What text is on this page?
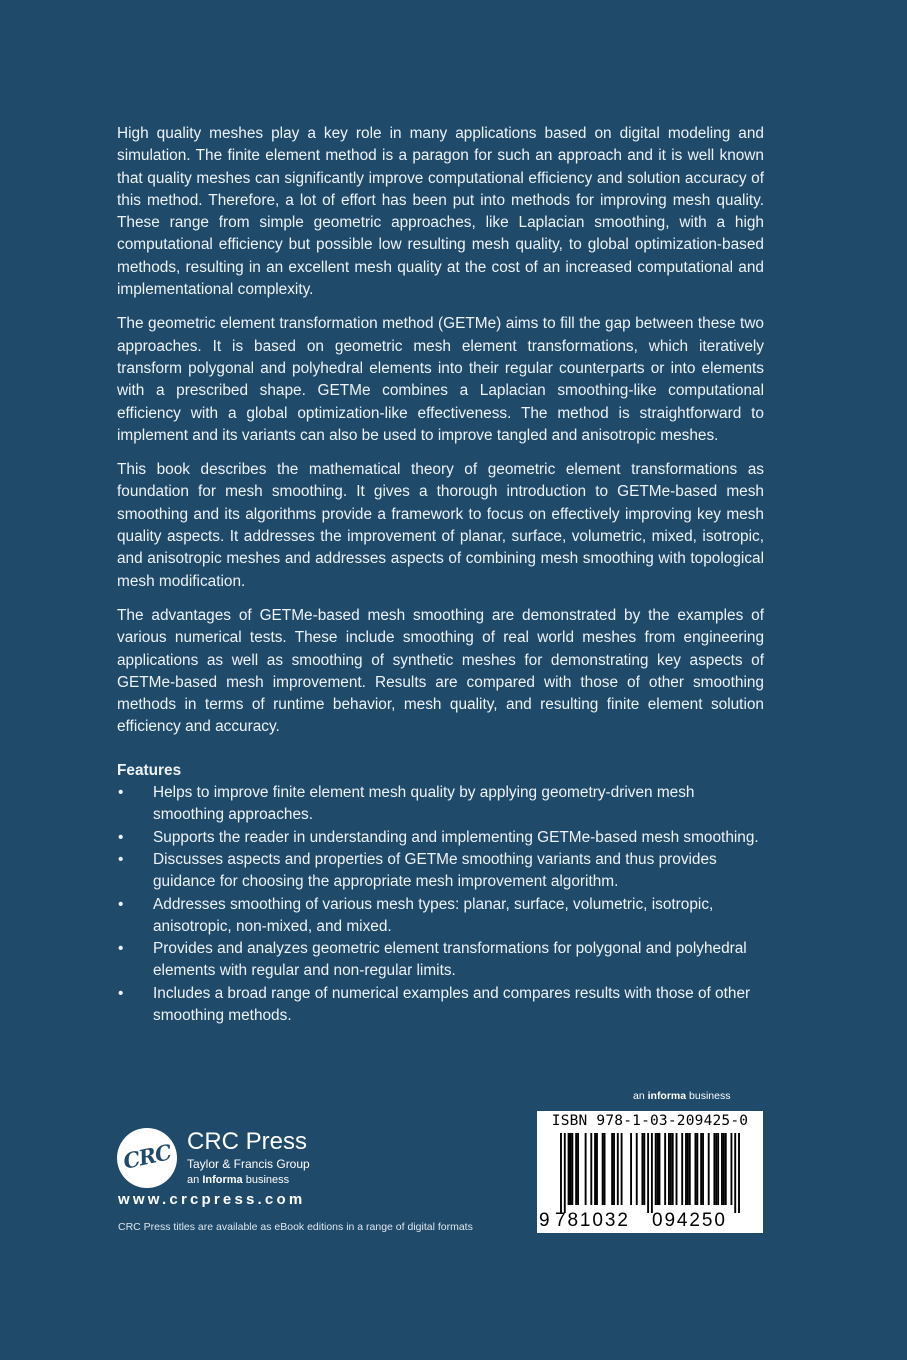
High quality meshes play a key role in many applications based on digital modeling and simulation. The finite element method is a paragon for such an approach and it is well known that quality meshes can significantly improve computational efficiency and solution accuracy of this method. Therefore, a lot of effort has been put into methods for improving mesh quality. These range from simple geometric approaches, like Laplacian smoothing, with a high computational efficiency but possible low resulting mesh quality, to global optimization-based methods, resulting in an excellent mesh quality at the cost of an increased computational and implementational complexity.

The geometric element transformation method (GETMe) aims to fill the gap between these two approaches. It is based on geometric mesh element transformations, which iteratively transform polygonal and polyhedral elements into their regular counterparts or into elements with a prescribed shape. GETMe combines a Laplacian smoothing-like computational efficiency with a global optimization-like effectiveness. The method is straightforward to implement and its variants can also be used to improve tangled and anisotropic meshes.

This book describes the mathematical theory of geometric element transformations as foundation for mesh smoothing. It gives a thorough introduction to GETMe-based mesh smoothing and its algorithms provide a framework to focus on effectively improving key mesh quality aspects. It addresses the improvement of planar, surface, volumetric, mixed, isotropic, and anisotropic meshes and addresses aspects of combining mesh smoothing with topological mesh modification.

The advantages of GETMe-based mesh smoothing are demonstrated by the examples of various numerical tests. These include smoothing of real world meshes from engineering applications as well as smoothing of synthetic meshes for demonstrating key aspects of GETMe-based mesh improvement. Results are compared with those of other smoothing methods in terms of runtime behavior, mesh quality, and resulting finite element solution efficiency and accuracy.

Features
• Helps to improve finite element mesh quality by applying geometry-driven mesh smoothing approaches.
• Supports the reader in understanding and implementing GETMe-based mesh smoothing.
• Discusses aspects and properties of GETMe smoothing variants and thus provides guidance for choosing the appropriate mesh improvement algorithm.
• Addresses smoothing of various mesh types: planar, surface, volumetric, isotropic, anisotropic, non-mixed, and mixed.
• Provides and analyzes geometric element transformations for polygonal and polyhedral elements with regular and non-regular limits.
• Includes a broad range of numerical examples and compares results with those of other smoothing methods.
an informa business
ISBN 978-1-03-209425-0
9 781032 094250
CRC CRC Press
Taylor & Francis Group
an Informa business
www.crcpress.com
CRC Press titles are available as eBook editions in a range of digital formats
